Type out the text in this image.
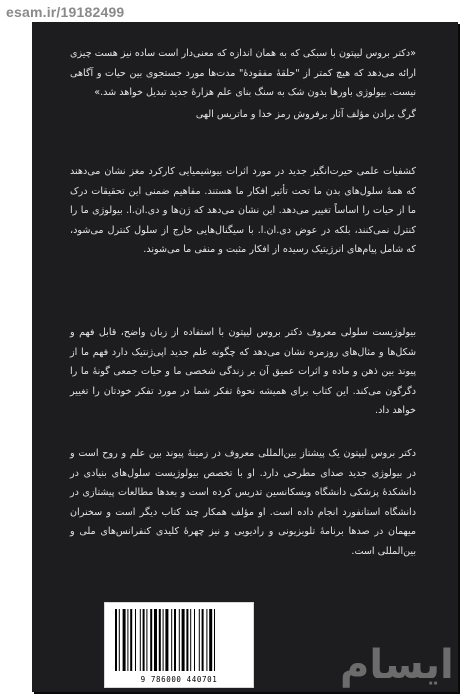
esam.ir/19182499

«دکتر بروس لیپتون با سبکی که به همان اندازه که معنی‌دار است ساده نیز هست چیزی ارائه می‌دهد که هیچ کمتر از "حلقهٔ مفقودهٔ" مدت‌ها مورد جستجوی بین حیات و آگاهی نیست. بیولوژی باورها بدون شک به سنگ بنای علم هزارهٔ جدید تبدیل خواهد شد.»

گرگ برادن مؤلف آثار برفروش رمز خدا و ماتریس الهی

کشفیات علمی حیرت‌انگیز جدید در مورد اثرات بیوشیمیایی کارکرد مغز نشان می‌دهند که همهٔ سلول‌های بدن ما تحت تأثیر افکار ما هستند. مفاهیم ضمنی این تحقیقات درک ما از حیات را اساساً تغییر می‌دهد. این نشان می‌دهد که ژن‌ها و دی.ان.ا. بیولوژی ما را کنترل نمی‌کنند، بلکه در عوض دی.ان.ا. با سیگنال‌هایی خارج از سلول کنترل می‌شود، که شامل پیام‌های انرژیتیک رسیده از افکار مثبت و منفی ما می‌شوند.

بیولوژیست سلولی معروف دکتر بروس لیپتون با استفاده از زبان واضح، قابل فهم و شکل‌ها و مثال‌های روزمره نشان می‌دهد که چگونه علم جدید اپی‌ژنتیک دارد فهم ما از پیوند بین ذهن و ماده و اثرات عمیق آن بر زندگی شخصی ما و حیات جمعی گونهٔ ما را دگرگون می‌کند. این کتاب برای همیشه نحوهٔ تفکر شما در مورد تفکر خودتان را تغییر خواهد داد.

دکتر بروس لیپتون یک پیشتاز بین‌المللی معروف در زمینهٔ پیوند بین علم و روح است و در بیولوژی جدید صدای مطرحی دارد. او با تخصص بیولوژیست سلول‌های بنیادی در دانشکدهٔ پزشکی دانشگاه ویسکانسین تدریس کرده است و بعدها مطالعات پیشتازی در دانشگاه استانفورد انجام داده است. او مؤلف همکار چند کتاب دیگر است و سخنران میهمان در صدها برنامهٔ تلویزیونی و رادیویی و نیز چهرهٔ کلیدی کنفرانس‌های ملی و بین‌المللی است.

9 786000 440701	ایسام
